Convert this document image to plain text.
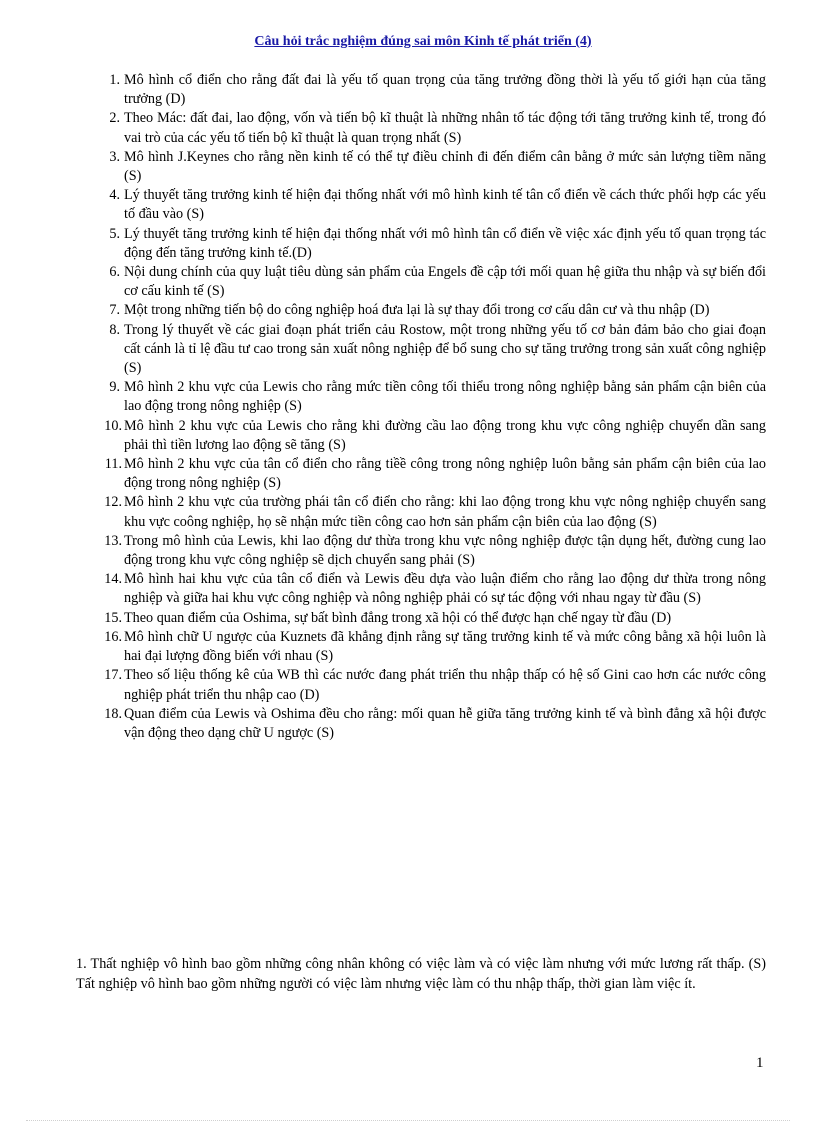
Câu hỏi trắc nghiệm đúng sai môn Kinh tế phát triển (4)
1. Mô hình cổ điển cho rằng đất đai là yếu tố quan trọng của tăng trưởng đồng thời là yếu tố giới hạn của tăng trưởng (D)
2. Theo Mác: đất đai, lao động, vốn và tiến bộ kĩ thuật là những nhân tố tác động tới tăng trưởng kinh tế, trong đó vai trò của các yếu tố tiến bộ kĩ thuật là quan trọng nhất (S)
3. Mô hình J.Keynes cho rằng nền kinh tế có thể tự điều chỉnh đi đến điểm cân bằng ở mức sản lượng tiềm năng (S)
4. Lý thuyết tăng trưởng kinh tế hiện đại thống nhất với mô hình kinh tế tân cổ điển về cách thức phối hợp các yếu tố đầu vào (S)
5. Lý thuyết tăng trưởng kinh tế hiện đại thống nhất với mô hình tân cổ điển về việc xác định yếu tố quan trọng tác động đến tăng trưởng kinh tế.(D)
6. Nội dung chính của quy luật tiêu dùng sản phẩm của Engels đề cập tới mối quan hệ giữa thu nhập và sự biến đổi cơ cấu kinh tế (S)
7. Một trong những tiến bộ do công nghiệp hoá đưa lại là sự thay đổi trong cơ cấu dân cư và thu nhập (D)
8. Trong lý thuyết về các giai đoạn phát triển cảu Rostow, một trong những yếu tố cơ bản đảm bảo cho giai đoạn cất cánh là tỉ lệ đầu tư cao trong sản xuất nông nghiệp để bổ sung cho sự tăng trưởng trong sản xuất công nghiệp (S)
9. Mô hình 2 khu vực của Lewis cho rằng mức tiền công tối thiểu trong nông nghiệp bằng sản phẩm cận biên của lao động trong nông nghiệp (S)
10. Mô hình 2 khu vực của Lewis cho rằng khi đường cầu lao động trong khu vực công nghiệp chuyển dần sang phải thì tiền lương lao động sẽ tăng (S)
11. Mô hình 2 khu vực của tân cổ điển cho rằng tiềề công trong nông nghiệp luôn bằng sản phẩm cận biên của lao động trong nông nghiệp (S)
12. Mô hình 2 khu vực của trường phái tân cổ điển cho rằng: khi lao động trong khu vực nông nghiệp chuyển sang khu vực coông nghiệp, họ sẽ nhận mức tiền công cao hơn sản phẩm cận biên của lao động (S)
13. Trong mô hình của Lewis, khi lao động dư thừa trong khu vực nông nghiệp được tận dụng hết, đường cung lao động trong khu vực công nghiệp sẽ dịch chuyển sang phải (S)
14. Mô hình hai khu vực của tân cổ điển và Lewis đều dựa vào luận điểm cho rằng lao động dư thừa trong nông nghiệp và giữa hai khu vực công nghiệp và nông nghiệp phải có sự tác động với nhau ngay từ đầu (S)
15. Theo quan điểm của Oshima, sự bất bình đẳng trong xã hội có thể được hạn chế ngay từ đầu (D)
16. Mô hình chữ U ngược của Kuznets đã khẳng định rằng sự tăng trưởng kinh tế và mức công bằng xã hội luôn là hai đại lượng đồng biến với nhau (S)
17. Theo số liệu thống kê của WB thì các nước đang phát triển thu nhập thấp có hệ số Gini cao hơn các nước công nghiệp phát triển thu nhập cao (D)
18. Quan điểm của Lewis và Oshima đều cho rằng: mối quan hễ giữa tăng trưởng kinh tế và bình đẳng xã hội được vận động theo dạng chữ U ngược (S)

1. Thất nghiệp vô hình bao gồm những công nhân không có việc làm và có việc làm nhưng với mức lương rất thấp. (S) Tất nghiệp vô hình bao gồm những người có việc làm nhưng việc làm có thu nhập thấp, thời gian làm việc ít.

1
